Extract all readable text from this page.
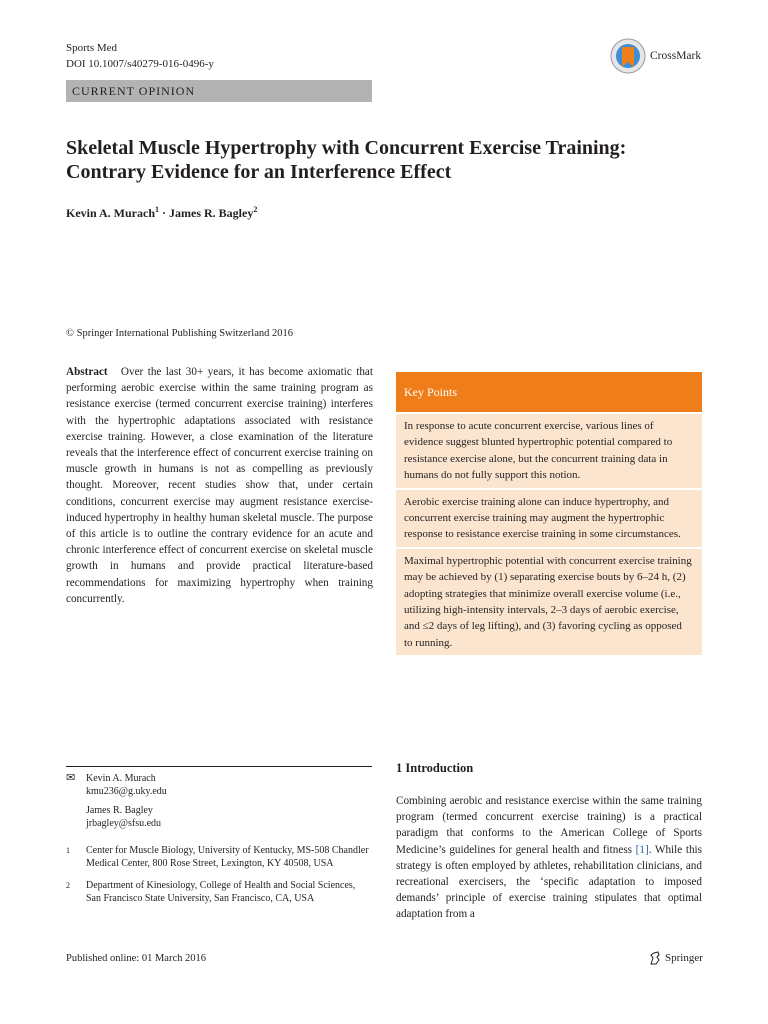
Sports Med
DOI 10.1007/s40279-016-0496-y
CrossMark
CURRENT OPINION
Skeletal Muscle Hypertrophy with Concurrent Exercise Training: Contrary Evidence for an Interference Effect
Kevin A. Murach$^1$ · James R. Bagley$^2$
© Springer International Publishing Switzerland 2016
Abstract Over the last 30+ years, it has become axiomatic that performing aerobic exercise within the same training program as resistance exercise (termed concurrent exercise training) interferes with the hypertrophic adaptations associated with resistance exercise training. However, a close examination of the literature reveals that the interference effect of concurrent exercise training on muscle growth in humans is not as compelling as previously thought. Moreover, recent studies show that, under certain conditions, concurrent exercise may augment resistance exercise-induced hypertrophy in healthy human skeletal muscle. The purpose of this article is to outline the contrary evidence for an acute and chronic interference effect of concurrent exercise on skeletal muscle growth in humans and provide practical literature-based recommendations for maximizing hypertrophy when training concurrently.
Key Points
In response to acute concurrent exercise, various lines of evidence suggest blunted hypertrophic potential compared to resistance exercise alone, but the concurrent training data in humans do not fully support this notion.
Aerobic exercise training alone can induce hypertrophy, and concurrent exercise training may augment the hypertrophic response to resistance exercise training in some circumstances.
Maximal hypertrophic potential with concurrent exercise training may be achieved by (1) separating exercise bouts by 6–24 h, (2) adopting strategies that minimize overall exercise volume (i.e., utilizing high-intensity intervals, 2–3 days of aerobic exercise, and ≤2 days of leg lifting), and (3) favoring cycling as opposed to running.
1 Introduction
Combining aerobic and resistance exercise within the same training program (termed concurrent exercise training) is a practical paradigm that conforms to the American College of Sports Medicine’s guidelines for general health and fitness [1]. While this strategy is often employed by athletes, rehabilitation clinicians, and recreational exercisers, the ‘specific adaptation to imposed demands’ principle of exercise training stipulates that optimal adaptation from a
✉	Kevin A. Murach
kmu236@g.uky.edu
James R. Bagley
jrbagley@sfsu.edu
1	Center for Muscle Biology, University of Kentucky, MS-508 Chandler Medical Center, 800 Rose Street, Lexington, KY 40508, USA
2	Department of Kinesiology, College of Health and Social Sciences, San Francisco State University, San Francisco, CA, USA
Published online: 01 March 2016	Springer
